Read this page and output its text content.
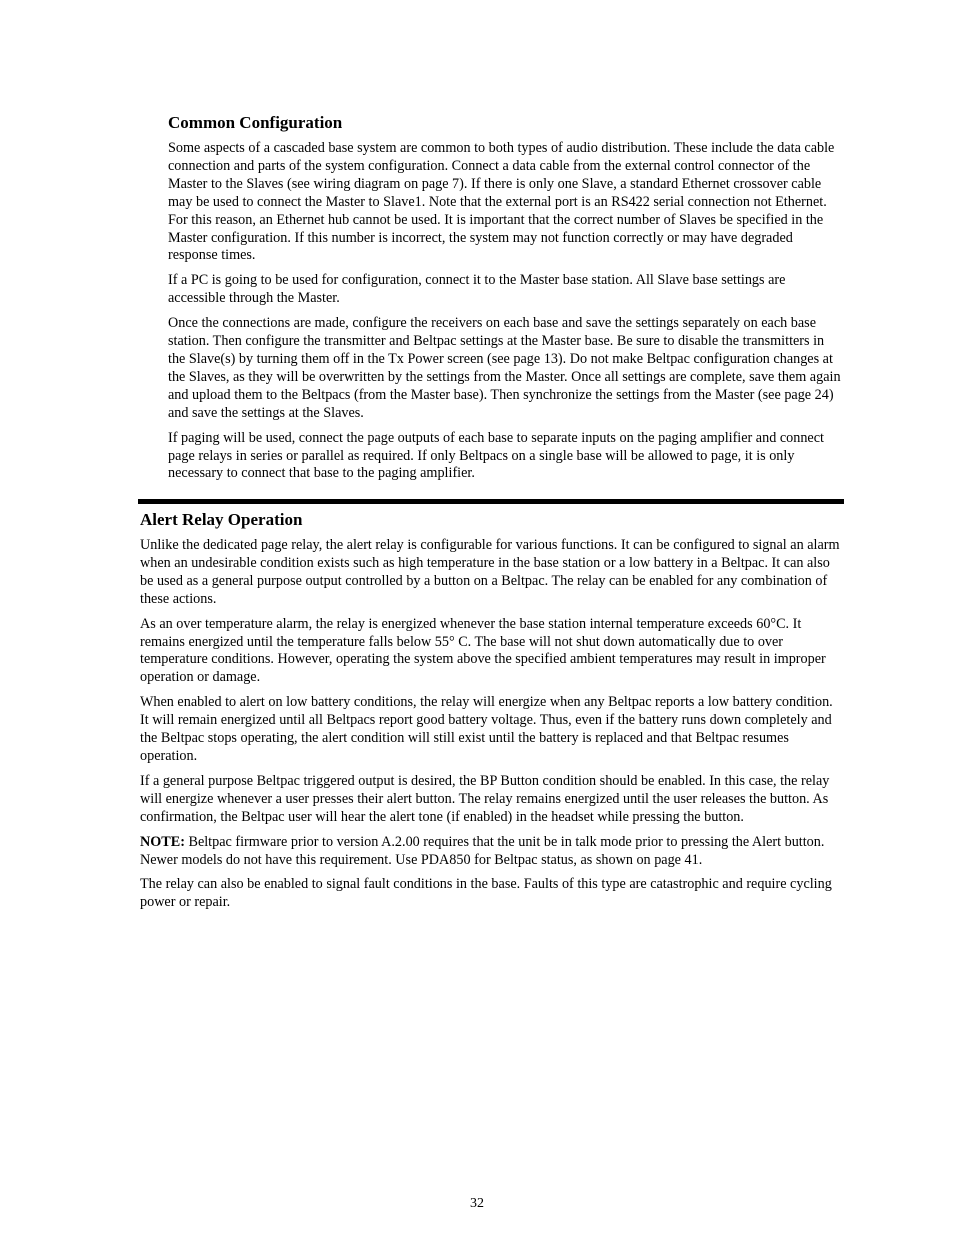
Common Configuration

Some aspects of a cascaded base system are common to both types of audio distribution. These include the data cable connection and parts of the system configuration. Connect a data cable from the external control connector of the Master to the Slaves (see wiring diagram on page 7). If there is only one Slave, a standard Ethernet crossover cable may be used to connect the Master to Slave1. Note that the external port is an RS422 serial connection not Ethernet. For this reason, an Ethernet hub cannot be used. It is important that the correct number of Slaves be specified in the Master configuration. If this number is incorrect, the system may not function correctly or may have degraded response times.

If a PC is going to be used for configuration, connect it to the Master base station. All Slave base settings are accessible through the Master.

Once the connections are made, configure the receivers on each base and save the settings separately on each base station. Then configure the transmitter and Beltpac settings at the Master base. Be sure to disable the transmitters in the Slave(s) by turning them off in the Tx Power screen (see page 13). Do not make Beltpac configuration changes at the Slaves, as they will be overwritten by the settings from the Master. Once all settings are complete, save them again and upload them to the Beltpacs (from the Master base). Then synchronize the settings from the Master (see page 24) and save the settings at the Slaves.

If paging will be used, connect the page outputs of each base to separate inputs on the paging amplifier and connect page relays in series or parallel as required. If only Beltpacs on a single base will be allowed to page, it is only necessary to connect that base to the paging amplifier.

Alert Relay Operation

Unlike the dedicated page relay, the alert relay is configurable for various functions. It can be configured to signal an alarm when an undesirable condition exists such as high temperature in the base station or a low battery in a Beltpac. It can also be used as a general purpose output controlled by a button on a Beltpac. The relay can be enabled for any combination of these actions.

As an over temperature alarm, the relay is energized whenever the base station internal temperature exceeds 60°C. It remains energized until the temperature falls below 55° C. The base will not shut down automatically due to over temperature conditions. However, operating the system above the specified ambient temperatures may result in improper operation or damage.

When enabled to alert on low battery conditions, the relay will energize when any Beltpac reports a low battery condition. It will remain energized until all Beltpacs report good battery voltage. Thus, even if the battery runs down completely and the Beltpac stops operating, the alert condition will still exist until the battery is replaced and that Beltpac resumes operation.

If a general purpose Beltpac triggered output is desired, the BP Button condition should be enabled. In this case, the relay will energize whenever a user presses their alert button. The relay remains energized until the user releases the button. As confirmation, the Beltpac user will hear the alert tone (if enabled) in the headset while pressing the button.

NOTE: Beltpac firmware prior to version A.2.00 requires that the unit be in talk mode prior to pressing the Alert button. Newer models do not have this requirement. Use PDA850 for Beltpac status, as shown on page 41.

The relay can also be enabled to signal fault conditions in the base. Faults of this type are catastrophic and require cycling power or repair.

32
